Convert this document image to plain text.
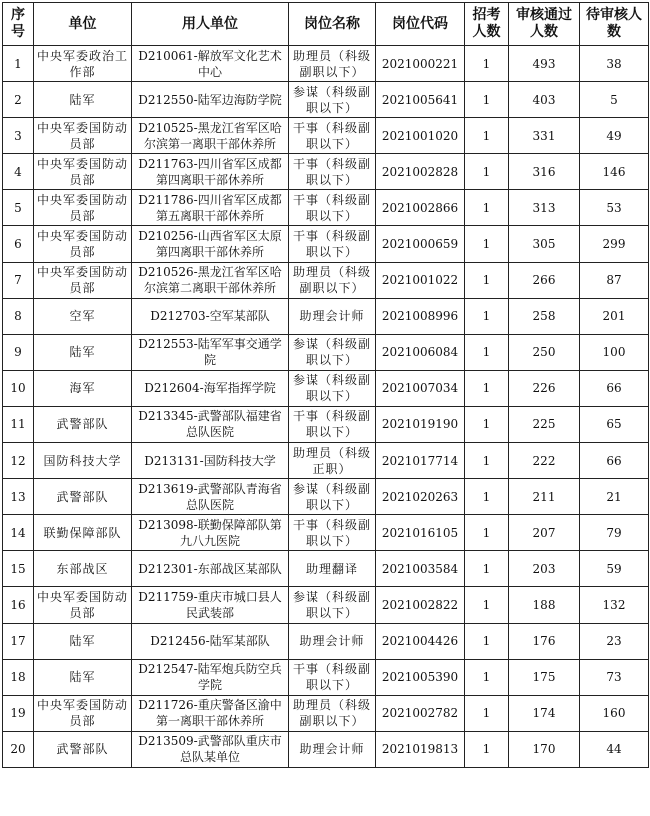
序号	单位	用人单位	岗位名称	岗位代码	招考人数	审核通过人数	待审核人数
1	中央军委政治工作部	D210061-解放军文化艺术中心	助理员（科级副职以下）	2021000221	1	493	38
2	陆军	D212550-陆军边海防学院	参谋（科级副职以下）	2021005641	1	403	5
3	中央军委国防动员部	D210525-黑龙江省军区哈尔滨第一离职干部休养所	干事（科级副职以下）	2021001020	1	331	49
4	中央军委国防动员部	D211763-四川省军区成都第四离职干部休养所	干事（科级副职以下）	2021002828	1	316	146
5	中央军委国防动员部	D211786-四川省军区成都第五离职干部休养所	干事（科级副职以下）	2021002866	1	313	53
6	中央军委国防动员部	D210256-山西省军区太原第四离职干部休养所	干事（科级副职以下）	2021000659	1	305	299
7	中央军委国防动员部	D210526-黑龙江省军区哈尔滨第二离职干部休养所	助理员（科级副职以下）	2021001022	1	266	87
8	空军	D212703-空军某部队	助理会计师	2021008996	1	258	201
9	陆军	D212553-陆军军事交通学院	参谋（科级副职以下）	2021006084	1	250	100
10	海军	D212604-海军指挥学院	参谋（科级副职以下）	2021007034	1	226	66
11	武警部队	D213345-武警部队福建省总队医院	干事（科级副职以下）	2021019190	1	225	65
12	国防科技大学	D213131-国防科技大学	助理员（科级正职）	2021017714	1	222	66
13	武警部队	D213619-武警部队青海省总队医院	参谋（科级副职以下）	2021020263	1	211	21
14	联勤保障部队	D213098-联勤保障部队第九八九医院	干事（科级副职以下）	2021016105	1	207	79
15	东部战区	D212301-东部战区某部队	助理翻译	2021003584	1	203	59
16	中央军委国防动员部	D211759-重庆市城口县人民武装部	参谋（科级副职以下）	2021002822	1	188	132
17	陆军	D212456-陆军某部队	助理会计师	2021004426	1	176	23
18	陆军	D212547-陆军炮兵防空兵学院	干事（科级副职以下）	2021005390	1	175	73
19	中央军委国防动员部	D211726-重庆警备区渝中第一离职干部休养所	助理员（科级副职以下）	2021002782	1	174	160
20	武警部队	D213509-武警部队重庆市总队某单位	助理会计师	2021019813	1	170	44
